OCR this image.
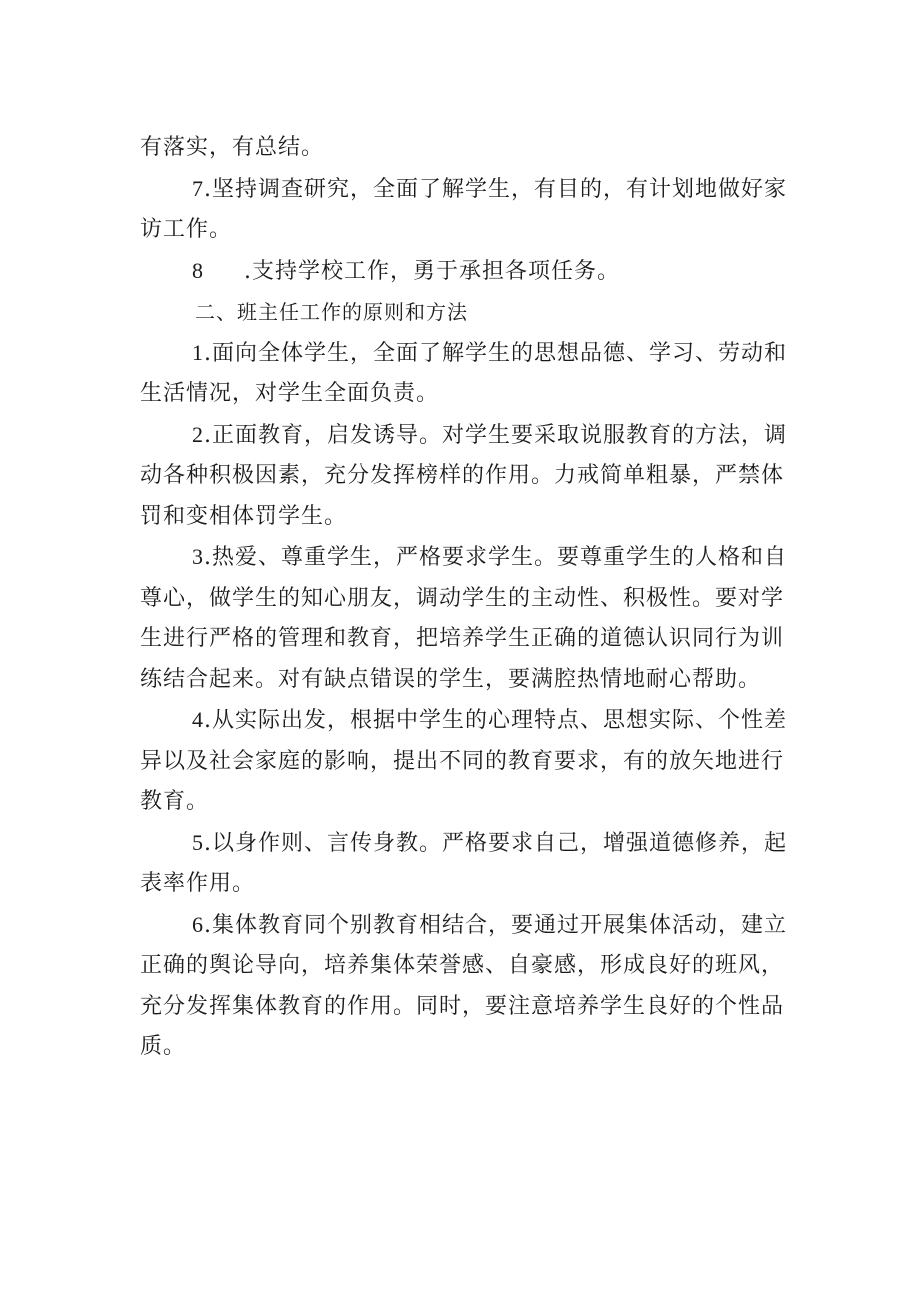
有落实，有总结。

7.坚持调查研究，全面了解学生，有目的，有计划地做好家访工作。

8 .支持学校工作，勇于承担各项任务。

二、班主任工作的原则和方法

1.面向全体学生，全面了解学生的思想品德、学习、劳动和生活情况，对学生全面负责。

2.正面教育，启发诱导。对学生要采取说服教育的方法，调动各种积极因素，充分发挥榜样的作用。力戒简单粗暴，严禁体罚和变相体罚学生。

3.热爱、尊重学生，严格要求学生。要尊重学生的人格和自尊心，做学生的知心朋友，调动学生的主动性、积极性。要对学生进行严格的管理和教育，把培养学生正确的道德认识同行为训练结合起来。对有缺点错误的学生，要满腔热情地耐心帮助。

4.从实际出发，根据中学生的心理特点、思想实际、个性差异以及社会家庭的影响，提出不同的教育要求，有的放矢地进行教育。

5.以身作则、言传身教。严格要求自己，增强道德修养，起表率作用。

6.集体教育同个别教育相结合，要通过开展集体活动，建立正确的舆论导向，培养集体荣誉感、自豪感，形成良好的班风，充分发挥集体教育的作用。同时，要注意培养学生良好的个性品质。
